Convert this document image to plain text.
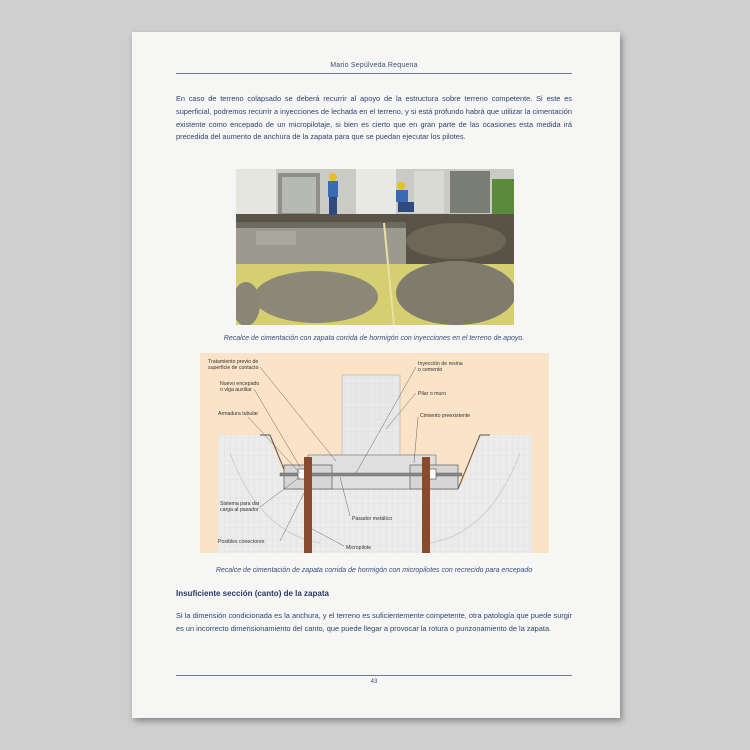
Mario Sepúlveda Requena
En caso de terreno colapsado se deberá recurrir al apoyo de la estructura sobre terreno competente. Si este es superficial, podremos recurrir a inyecciones de lechada en el terreno, y si está profundo habrá que utilizar la cimentación existente como encepado de un micropilotaje, si bien es cierto que en gran parte de las ocasiones esta medida irá precedida del aumento de anchura de la zapata para que se puedan ejecutar los pilotes.
Recalce de cimentación con zapata corrida de hormigón con inyecciones en el terreno de apoyo.
Tratamiento previo de
superficie de contacto
Nuevo encepado
o viga auxiliar
Armadura tubular
Inyección de resina
o cemento
Pilar o muro
Cimiento preexistente
Sistema para dar
carga al pasador
Pasador metálico
Posibles conectores
Micropilote
Recalce de cimentación de zapata corrida de hormigón con micropilotes con recrecido para encepado
Insuficiente sección (canto) de la zapata
Si la dimensión condicionada es la anchura, y el terreno es suficientemente competente, otra patología que puede surgir es un incorrecto dimensionamiento del canto, que puede llegar a provocar la rotura o punzonamiento de la zapata.
43
